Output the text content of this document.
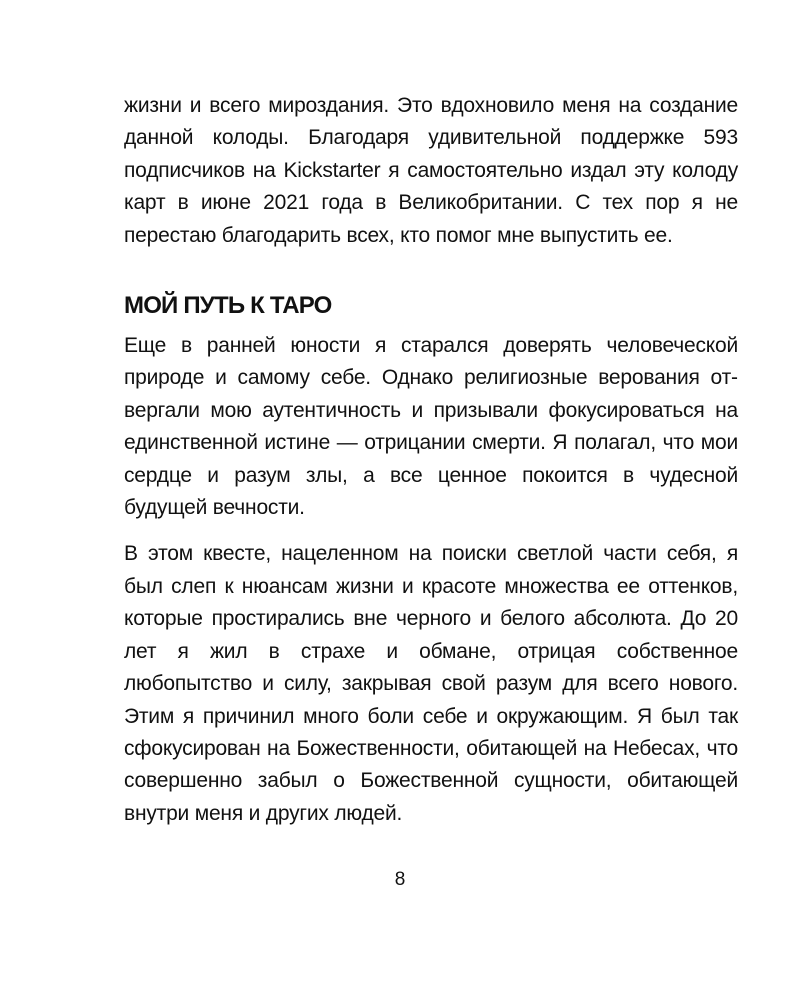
жизни и всего мироздания. Это вдохновило меня на создание данной колоды. Благодаря удивительной поддержке 593 подписчиков на Kickstarter я самостоятельно издал эту колоду карт в июне 2021 года в Великобритании. С тех пор я не перестаю благодарить всех, кто помог мне выпустить ее.

МОЙ ПУТЬ К ТАРО

Еще в ранней юности я старался доверять человеческой природе и самому себе. Однако религиозные верования отвергали мою аутентичность и призывали фокусироваться на единственной истине — отрицании смерти. Я полагал, что мои сердце и разум злы, а все ценное покоится в чудесной будущей вечности.

В этом квесте, нацеленном на поиски светлой части себя, я был слеп к нюансам жизни и красоте множества ее оттенков, которые простирались вне черного и белого абсолюта. До 20 лет я жил в страхе и обмане, отрицая собственное любопытство и силу, закрывая свой разум для всего нового. Этим я причинил много боли себе и окружающим. Я был так сфокусирован на Божественности, обитающей на Небесах, что совершенно забыл о Божественной сущности, обитающей внутри меня и других людей.

8
